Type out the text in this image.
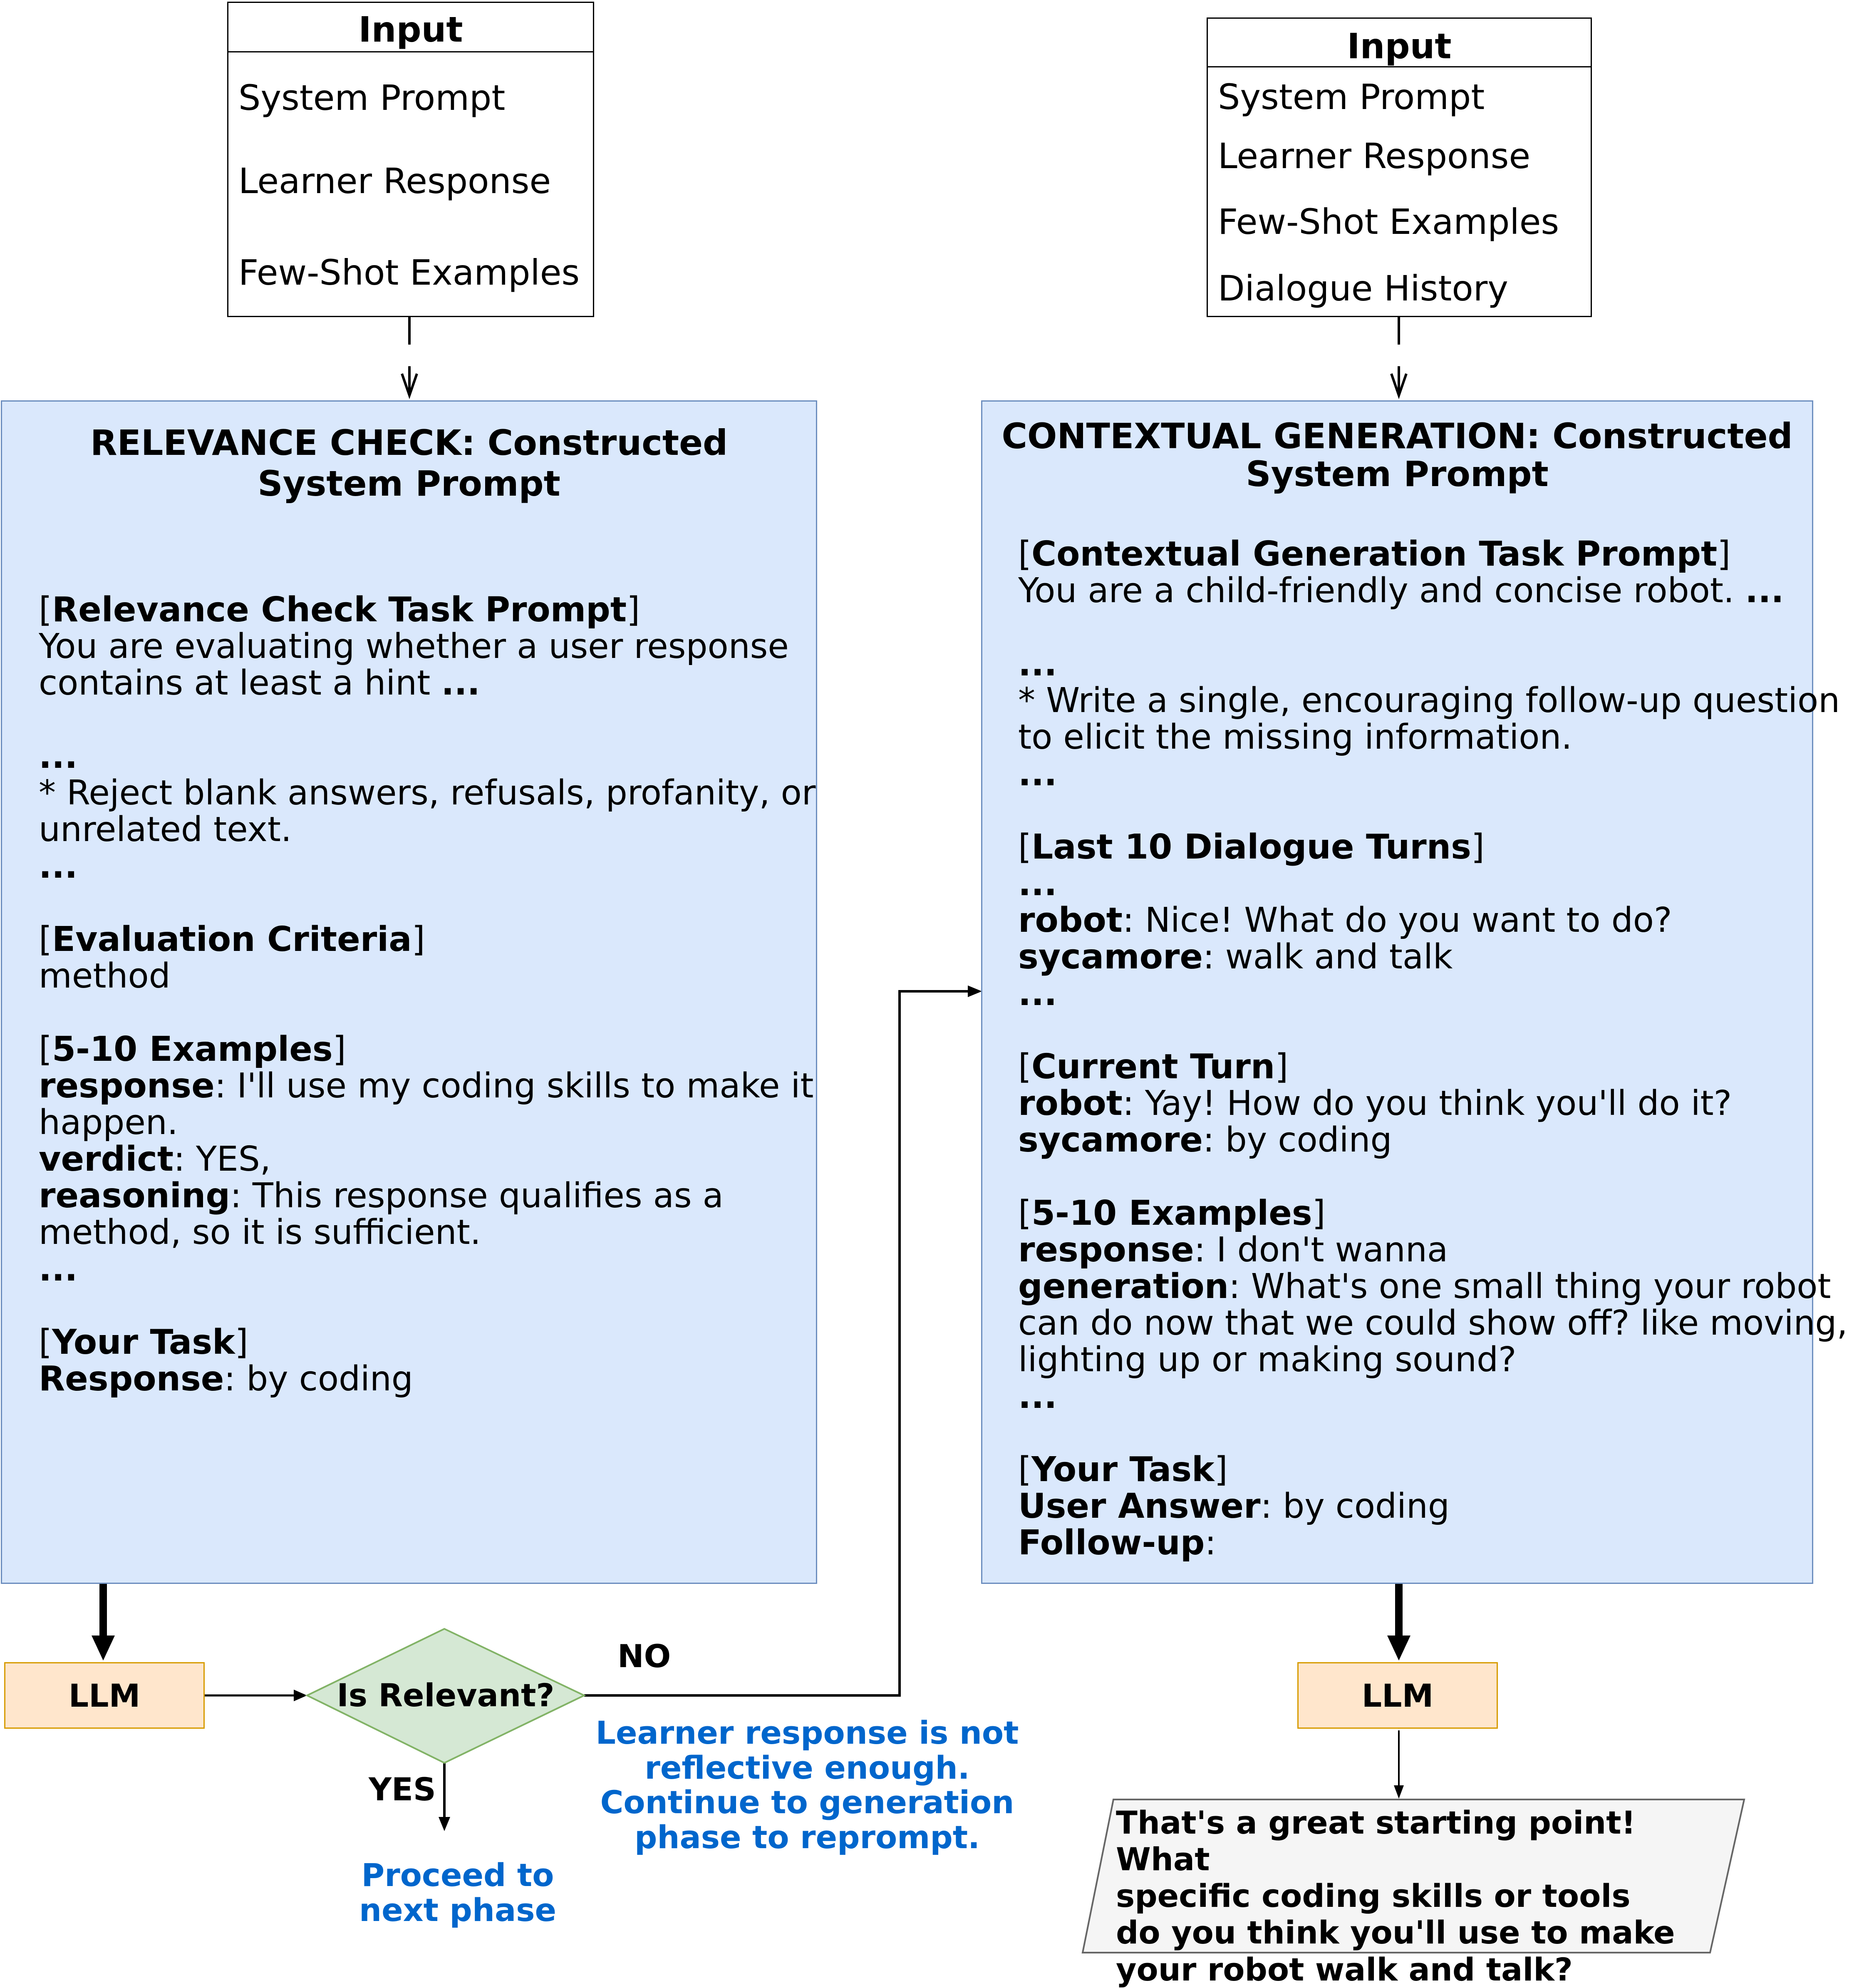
Input
System Prompt
Learner Response
Few-Shot Examples
Input
System Prompt
Learner Response
Few-Shot Examples
Dialogue History
RELEVANCE CHECK: Constructed
System Prompt
[Relevance Check Task Prompt]
You are evaluating whether a user response
contains at least a hint ...
...
* Reject blank answers, refusals, profanity, or
unrelated text.
...
[Evaluation Criteria]
method
[5-10 Examples]
response: I'll use my coding skills to make it
happen.
verdict: YES,
reasoning: This response qualifies as a
method, so it is sufficient.
...
[Your Task]
Response: by coding
CONTEXTUAL GENERATION: Constructed
System Prompt
[Contextual Generation Task Prompt]
You are a child-friendly and concise robot. ...
...
* Write a single, encouraging follow-up question
to elicit the missing information.
...
[Last 10 Dialogue Turns]
...
robot: Nice! What do you want to do?
sycamore: walk and talk
...
[Current Turn]
robot: Yay! How do you think you'll do it?
sycamore: by coding
[5-10 Examples]
response: I don't wanna
generation: What's one small thing your robot
can do now that we could show off? like moving,
lighting up or making sound?
...
[Your Task]
User Answer: by coding
Follow-up:
LLM	Is Relevant?
NO
YES
Learner response is not
reflective enough.
Continue to generation
phase to reprompt.
Proceed to
next phase
LLM
That's a great starting point! What
specific coding skills or tools
do you think you'll use to make
your robot walk and talk?
